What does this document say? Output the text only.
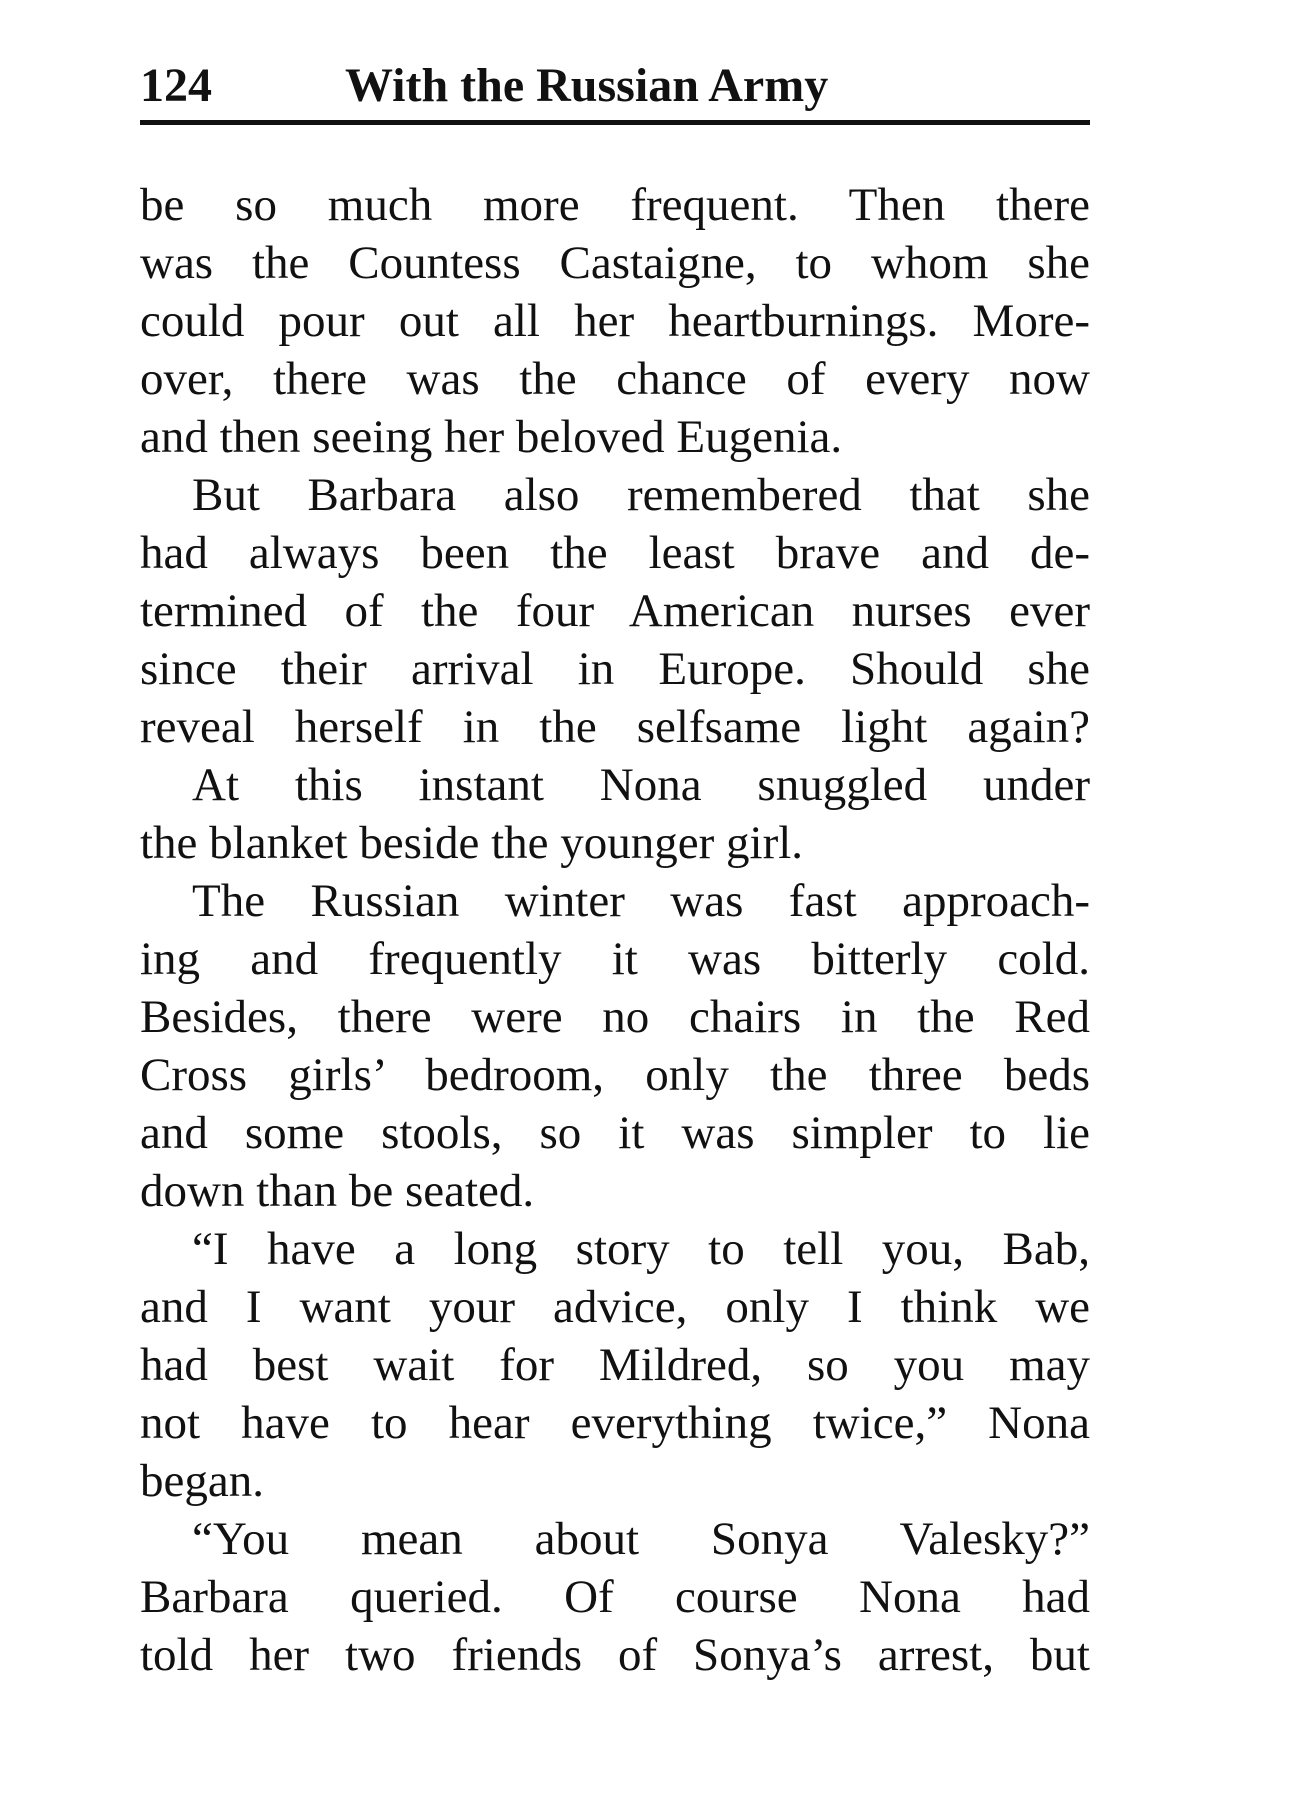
124	With the Russian Army
be so much more frequent. Then there
was the Countess Castaigne, to whom she
could pour out all her heartburnings. More-
over, there was the chance of every now
and then seeing her beloved Eugenia.
But Barbara also remembered that she
had always been the least brave and de-
termined of the four American nurses ever
since their arrival in Europe. Should she
reveal herself in the selfsame light again?
At this instant Nona snuggled under
the blanket beside the younger girl.
The Russian winter was fast approach-
ing and frequently it was bitterly cold.
Besides, there were no chairs in the Red
Cross girls’ bedroom, only the three beds
and some stools, so it was simpler to lie
down than be seated.
“I have a long story to tell you, Bab,
and I want your advice, only I think we
had best wait for Mildred, so you may
not have to hear everything twice,” Nona
began.
“You mean about Sonya Valesky?”
Barbara queried. Of course Nona had
told her two friends of Sonya’s arrest, but
